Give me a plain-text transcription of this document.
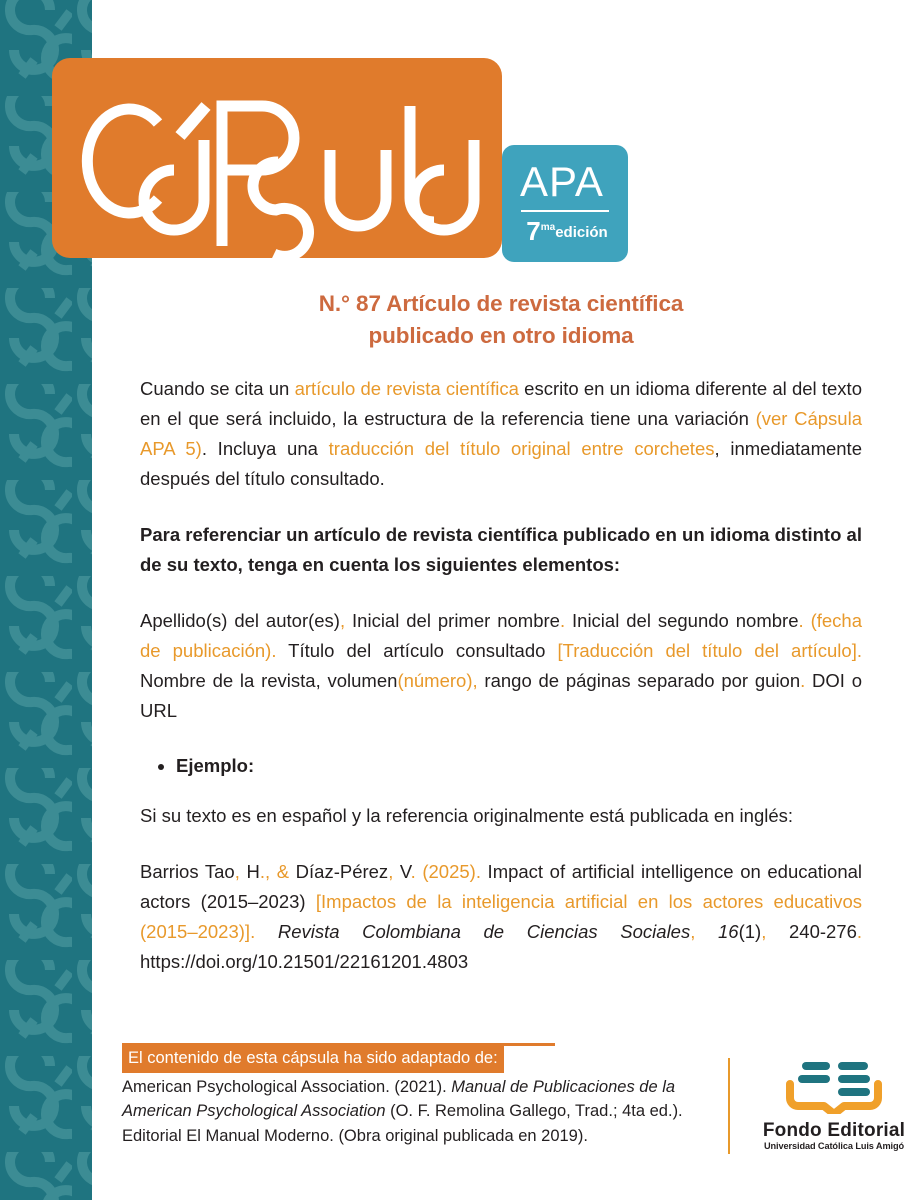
APA
$7^{ma}edición$
N.° 87 Artículo de revista científica
publicado en otro idioma

Cuando se cita un artículo de revista científica escrito en un idioma diferente al del texto en el que será incluido, la estructura de la referencia tiene una variación (ver Cápsula APA 5). Incluya una traducción del título original entre corchetes, inmediatamente después del título consultado.

Para referenciar un artículo de revista científica publicado en un idioma distinto al de su texto, tenga en cuenta los siguientes elementos:

Apellido(s) del autor(es), Inicial del primer nombre. Inicial del segundo nombre. (fecha de publicación). Título del artículo consultado [Traducción del título del artículo]. Nombre de la revista, volumen(número), rango de páginas separado por guion. DOI o URL

• Ejemplo:

Si su texto es en español y la referencia originalmente está publicada en inglés:

Barrios Tao, H., & Díaz-Pérez, V. (2025). Impact of artificial intelligence on educational actors (2015–2023) [Impactos de la inteligencia artificial en los actores educativos (2015–2023)]. Revista Colombiana de Ciencias Sociales, 16(1), 240-276. https://doi.org/10.21501/22161201.4803

El contenido de esta cápsula ha sido adaptado de:

American Psychological Association. (2021). Manual de Publicaciones de la American Psychological Association (O. F. Remolina Gallego, Trad.; 4ta ed.). Editorial El Manual Moderno. (Obra original publicada en 2019).	Fondo Editorial
Universidad Católica Luis Amigó
